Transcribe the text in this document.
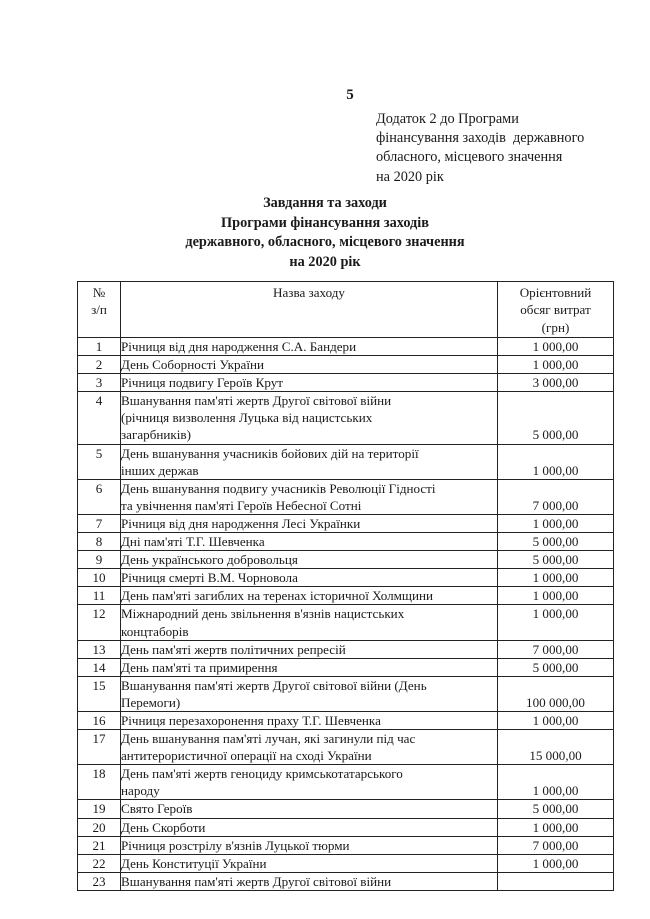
5
Додаток 2 до Програми
фінансування заходів  державного
обласного, місцевого значення
на 2020 рік
Завдання та заходи
Програми фінансування заходів
державного, обласного, місцевого значення
на 2020 рік
№
з/п	Назва заходу	Орієнтовний
обсяг витрат
(грн)
1	Річниця від дня народження С.А. Бандери	1 000,00
2	День Соборності України	1 000,00
3	Річниця подвигу Героїв Крут	3 000,00
4	Вшанування пам'яті жертв Другої світової війни
(річниця визволення Луцька від нацистських
загарбників)	5 000,00
5	День вшанування учасників бойових дій на території
інших держав	1 000,00
6	День вшанування подвигу учасників Революції Гідності
та увічнення пам'яті Героїв Небесної Сотні	7 000,00
7	Річниця від дня народження Лесі Українки	1 000,00
8	Дні пам'яті Т.Г. Шевченка	5 000,00
9	День українського добровольця	5 000,00
10	Річниця смерті В.М. Чорновола	1 000,00
11	День пам'яті загиблих на теренах історичної Холмщини	1 000,00
12	Міжнародний день звільнення в'язнів нацистських
концтаборів	1 000,00
13	День пам'яті жертв політичних репресій	7 000,00
14	День пам'яті та примирення	5 000,00
15	Вшанування пам'яті жертв Другої світової війни (День
Перемоги)	100 000,00
16	Річниця перезахоронення праху Т.Г. Шевченка	1 000,00
17	День вшанування пам'яті лучан, які загинули під час
антитерористичної операції на сході України	15 000,00
18	День пам'яті жертв геноциду кримськотатарського
народу	1 000,00
19	Свято Героїв	5 000,00
20	День Скорботи	1 000,00
21	Річниця розстрілу в'язнів Луцької тюрми	7 000,00
22	День Конституції України	1 000,00
23	Вшанування пам'яті жертв Другої світової війни	
